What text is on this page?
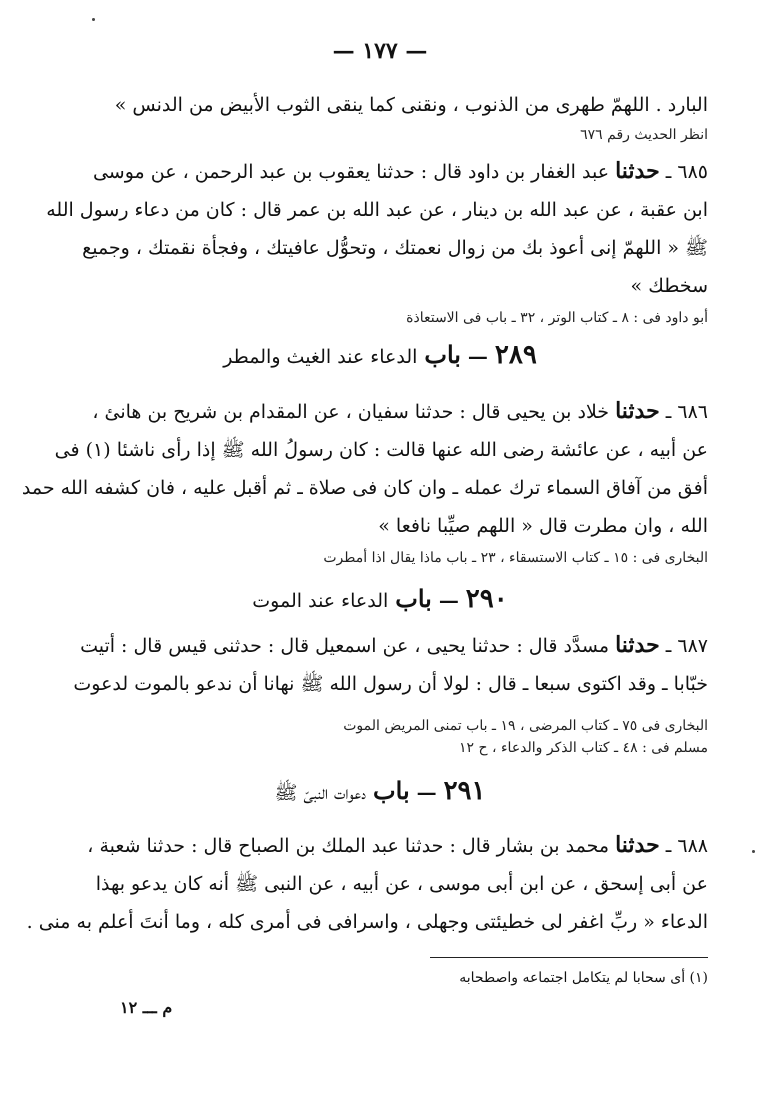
— ١٧٧ —
البارد . اللهمّ طهرى من الذنوب ، ونقنى كما ينقى الثوب الأبيض من الدنس »
انظر الحديث رقم ٦٧٦
٦٨٥ ـ حدثنا عبد الغفار بن داود قال : حدثنا يعقوب بن عبد الرحمن ، عن موسى
ابن عقبة ، عن عبد الله بن دينار ، عن عبد الله بن عمر قال : كان من دعاء رسول الله
ﷺ « اللهمّ إنى أعوذ بك من زوال نعمتك ، وتحوُّل عافيتك ، وفجأة نقمتك ، وجميع
سخطك »
أبو داود فى : ٨ ـ كتاب الوتر ، ٣٢ ـ باب فى الاستعاذة
٢٨٩ — باب الدعاء عند الغيث والمطر
٦٨٦ ـ حدثنا خلاد بن يحيى قال : حدثنا سفيان ، عن المقدام بن شريح بن هانئ ،
عن أبيه ، عن عائشة رضى الله عنها قالت : كان رسولُ الله ﷺ إذا رأى ناشئا (١) فى
أفق من آفاق السماء ترك عمله ـ وان كان فى صلاة ـ ثم أقبل عليه ، فان كشفه الله حمد
الله ، وان مطرت قال « اللهم صيِّبا نافعا »
البخارى فى : ١٥ ـ كتاب الاستسقاء ، ٢٣ ـ باب ماذا يقال اذا أمطرت
٢٩٠ — باب الدعاء عند الموت
٦٨٧ ـ حدثنا مسدَّد قال : حدثنا يحيى ، عن اسمعيل قال : حدثنى قيس قال : أتيت
خبّابا ـ وقد اكتوى سبعا ـ قال : لولا أن رسول الله ﷺ نهانا أن ندعو بالموت لدعوت
البخارى فى ٧٥ ـ كتاب المرضى ، ١٩ ـ باب تمنى المريض الموت
مسلم فى : ٤٨ ـ كتاب الذكر والدعاء ، ح ١٢
٢٩١ — باب دعوات النبىّ ﷺ
٦٨٨ ـ حدثنا محمد بن بشار قال : حدثنا عبد الملك بن الصباح قال : حدثنا شعبة ،
عن أبى إسحق ، عن ابن أبى موسى ، عن أبيه ، عن النبى ﷺ أنه كان يدعو بهذا
الدعاء « ربِّ اغفر لى خطيئتى وجهلى ، واسرافى فى أمرى كله ، وما أنتَ أعلم به منى .
(١) أى سحابا لم يتكامل اجتماعه واصطحابه
م ـــ ١٢
